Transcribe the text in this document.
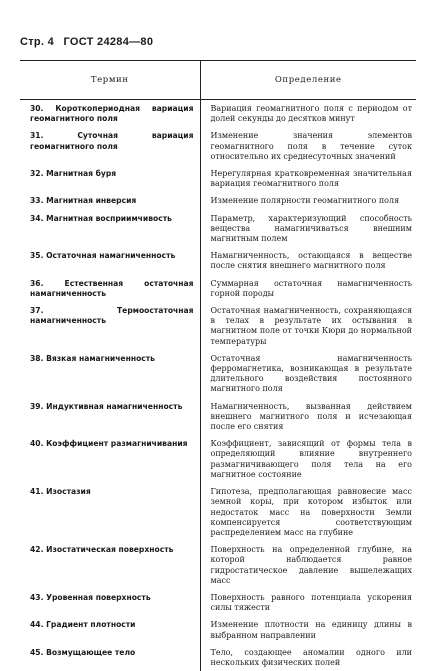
Стр. 4 ГОСТ 24284—80
Термин	Определение

30. Короткопериодная вариация геомагнитного поля	Вариация геомагнитного поля с периодом от долей секунды до десятков минут

31. Суточная вариация геомагнитного поля	Изменение значения элементов геомагнитного поля в течение суток относительно их среднесуточных значений

32. Магнитная буря	Нерегулярная кратковременная значительная вариация геомагнитного поля

33. Магнитная инверсия	Изменение полярности геомагнитного поля

34. Магнитная восприимчивость	Параметр, характеризующий способность вещества намагничиваться внешним магнитным полем

35. Остаточная намагниченность	Намагниченность, остающаяся в веществе после снятия внешнего магнитного поля

36. Естественная остаточная намагниченность	Суммарная остаточная намагниченность горной породы

37. Термоостаточная намагниченность	Остаточная намагниченность, сохраняющаяся в телах в результате их остывания в магнитном поле от точки Кюри до нормальной температуры

38. Вязкая намагниченность	Остаточная намагниченность ферромагнетика, возникающая в результате длительного воздействия постоянного магнитного поля

39. Индуктивная намагниченность	Намагниченность, вызванная действием внешнего магнитного поля и исчезающая после его снятия

40. Коэффициент размагничивания	Коэффициент, зависящий от формы тела в определяющий влияние внутреннего размагничивающего поля тела на его магнитное состояние

41. Изостазия	Гипотеза, предполагающая равновесие масс земной коры, при котором избыток или недостаток масс на поверхности Земли компенсируется соответствующим распределением масс на глубине

42. Изостатическая поверхность	Поверхность на определенной глубине, на которой наблюдается равное гидростатическое давление вышележащих масс

43. Уровенная поверхность	Поверхность равного потенциала ускорения силы тяжести

44. Градиент плотности	Изменение плотности на единицу длины в выбранном направлении

45. Возмущающее тело	Тело, создающее аномалии одного или нескольких физических полей
